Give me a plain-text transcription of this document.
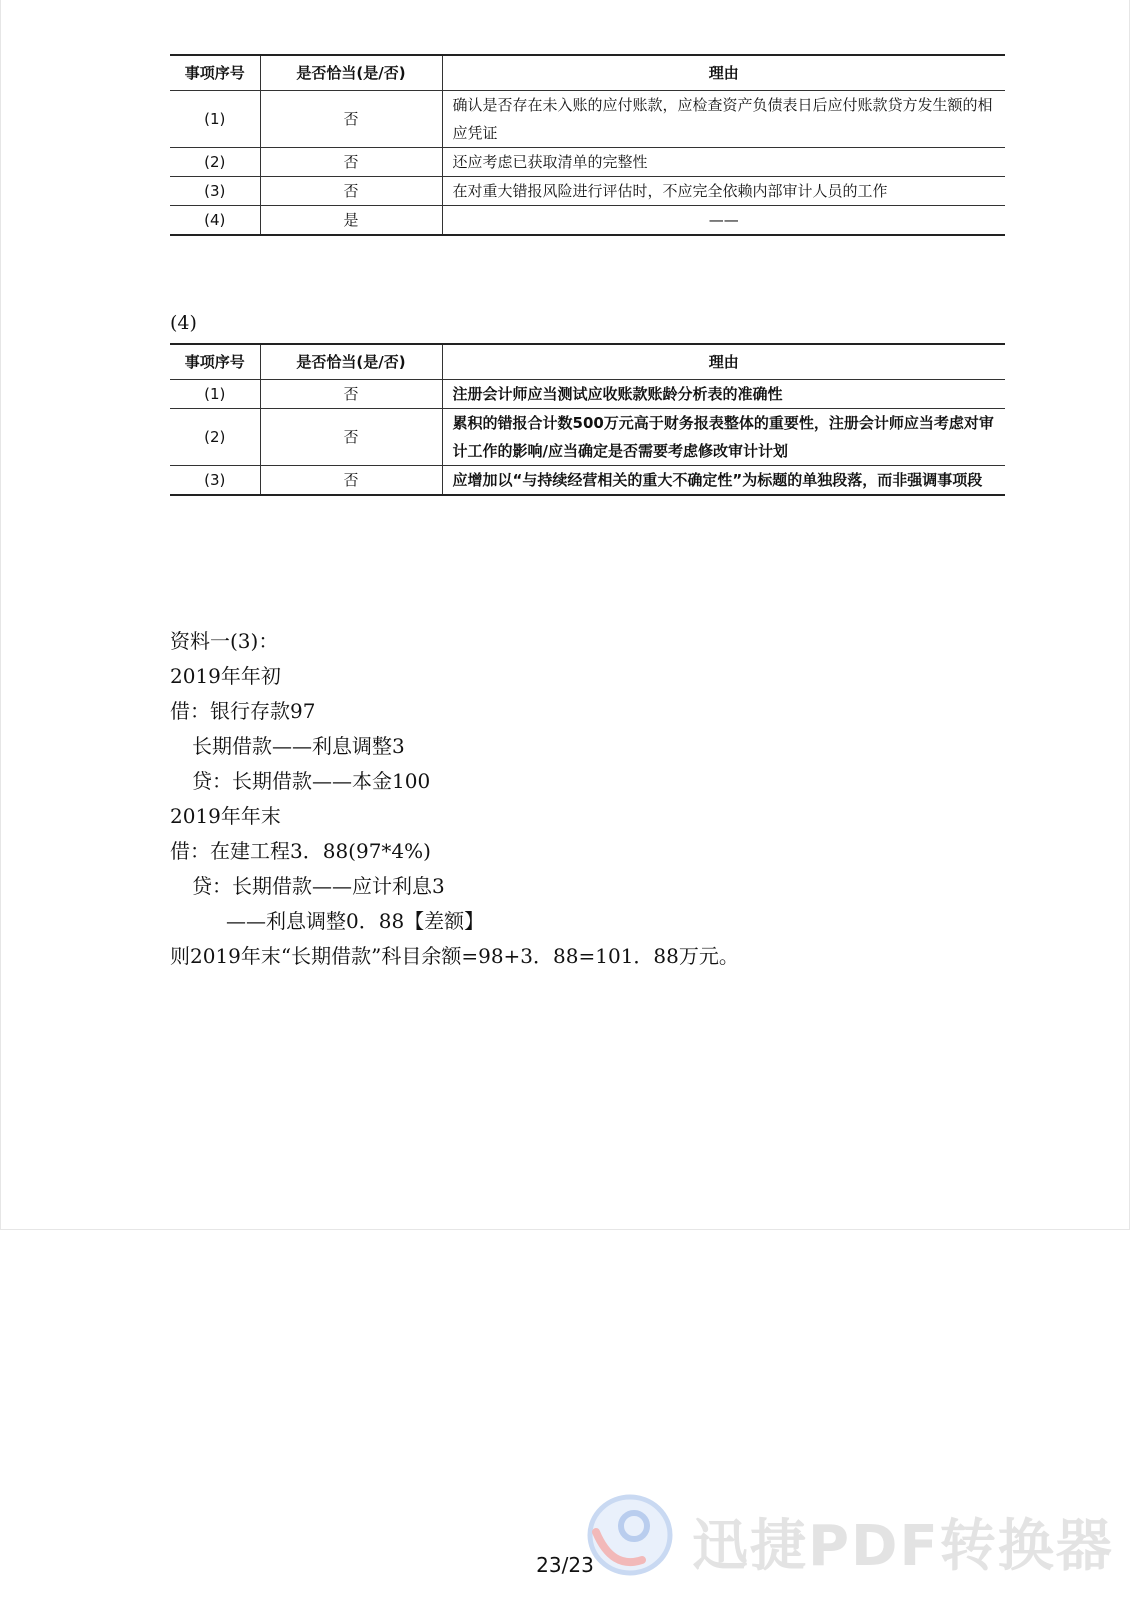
事项序号	是否恰当(是/否)	理由
(1)	否	确认是否存在未入账的应付账款，应检查资产负债表日后应付账款贷方发生额的相应凭证
(2)	否	还应考虑已获取清单的完整性
(3)	否	在对重大错报风险进行评估时，不应完全依赖内部审计人员的工作
(4)	是	——
(4)
事项序号	是否恰当(是/否)	理由
(1)	否	注册会计师应当测试应收账款账龄分析表的准确性
(2)	否	累积的错报合计数500万元高于财务报表整体的重要性，注册会计师应当考虑对审计工作的影响/应当确定是否需要考虑修改审计计划
(3)	否	应增加以“与持续经营相关的重大不确定性”为标题的单独段落，而非强调事项段
资料一(3)：
2019年年初
借：银行存款97
长期借款——利息调整3
贷：长期借款——本金100
2019年年末
借：在建工程3．88(97*4%)
贷：长期借款——应计利息3
——利息调整0．88【差额】
则2019年末“长期借款”科目余额=98+3．88=101．88万元。
迅捷PDF转换器
23/23
